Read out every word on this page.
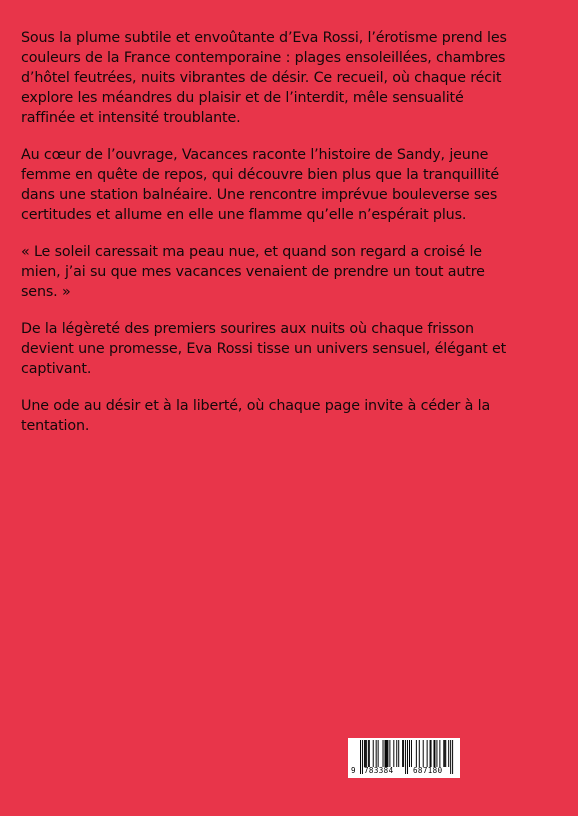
Sous la plume subtile et envoûtante d’Eva Rossi, l’érotisme prend les couleurs de la France contemporaine : plages ensoleillées, chambres d’hôtel feutrées, nuits vibrantes de désir. Ce recueil, où chaque récit explore les méandres du plaisir et de l’interdit, mêle sensualité raffinée et intensité troublante.

Au cœur de l’ouvrage, Vacances raconte l’histoire de Sandy, jeune femme en quête de repos, qui découvre bien plus que la tranquillité dans une station balnéaire. Une rencontre imprévue bouleverse ses certitudes et allume en elle une flamme qu’elle n’espérait plus.

« Le soleil caressait ma peau nue, et quand son regard a croisé le mien, j’ai su que mes vacances venaient de prendre un tout autre sens. »

De la légèreté des premiers sourires aux nuits où chaque frisson devient une promesse, Eva Rossi tisse un univers sensuel, élégant et captivant.

Une ode au désir et à la liberté, où chaque page invite à céder à la tentation.

9 783384	687180
